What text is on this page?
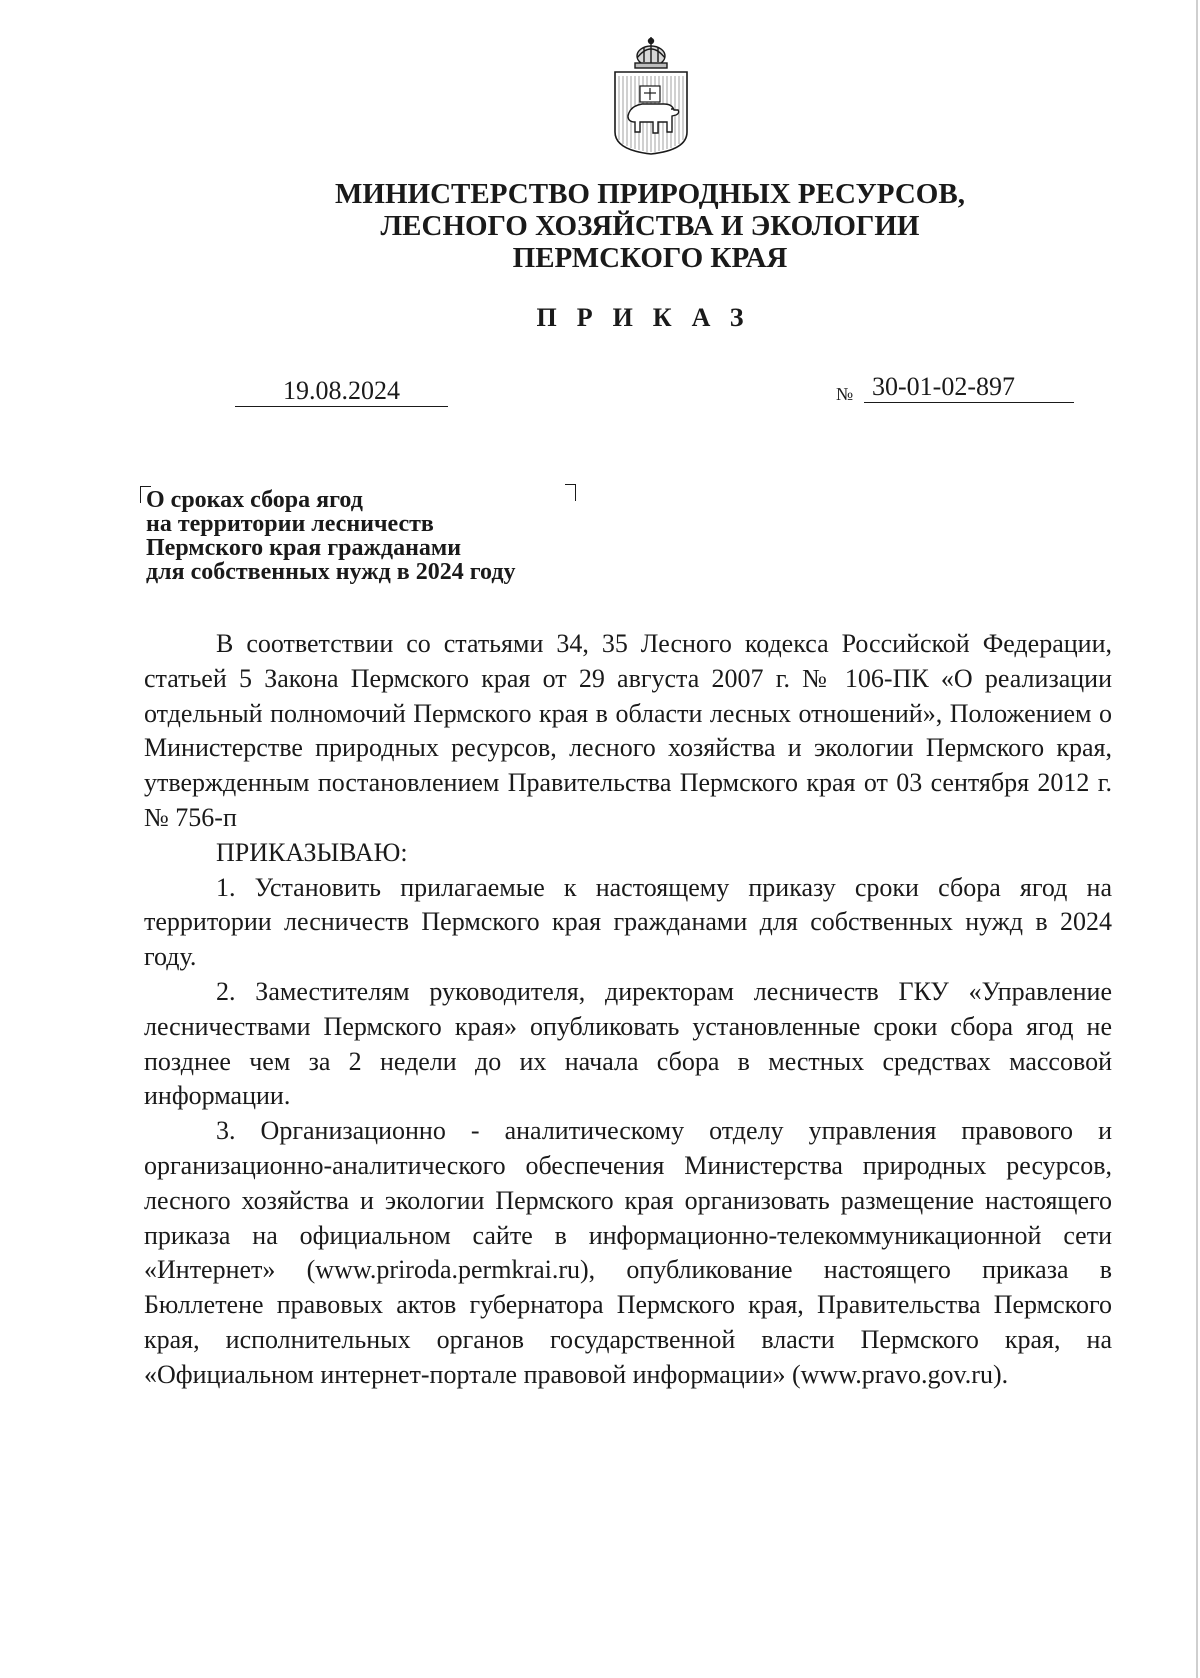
МИНИСТЕРСТВО ПРИРОДНЫХ РЕСУРСОВ,
ЛЕСНОГО ХОЗЯЙСТВА И ЭКОЛОГИИ
ПЕРМСКОГО КРАЯ
ПРИКАЗ
19.08.2024	№ 30-01-02-897
О сроках сбора ягод
на территории лесничеств
Пермского края гражданами
для собственных нужд в 2024 году

В соответствии со статьями 34, 35 Лесного кодекса Российской Федерации, статьей 5 Закона Пермского края от 29 августа 2007 г. № 106-ПК «О реализации отдельный полномочий Пермского края в области лесных отношений», Положением о Министерстве природных ресурсов, лесного хозяйства и экологии Пермского края, утвержденным постановлением Правительства Пермского края от 03 сентября 2012 г. № 756-п

ПРИКАЗЫВАЮ:

1. Установить прилагаемые к настоящему приказу сроки сбора ягод на территории лесничеств Пермского края гражданами для собственных нужд в 2024 году.

2. Заместителям руководителя, директорам лесничеств ГКУ «Управление лесничествами Пермского края» опубликовать установленные сроки сбора ягод не позднее чем за 2 недели до их начала сбора в местных средствах массовой информации.

3. Организационно - аналитическому отделу управления правового и организационно-аналитического обеспечения Министерства природных ресурсов, лесного хозяйства и экологии Пермского края организовать размещение настоящего приказа на официальном сайте в информационно-телекоммуникационной сети «Интернет» (www.priroda.permkrai.ru), опубликование настоящего приказа в Бюллетене правовых актов губернатора Пермского края, Правительства Пермского края, исполнительных органов государственной власти Пермского края, на «Официальном интернет-портале правовой информации» (www.pravo.gov.ru).
